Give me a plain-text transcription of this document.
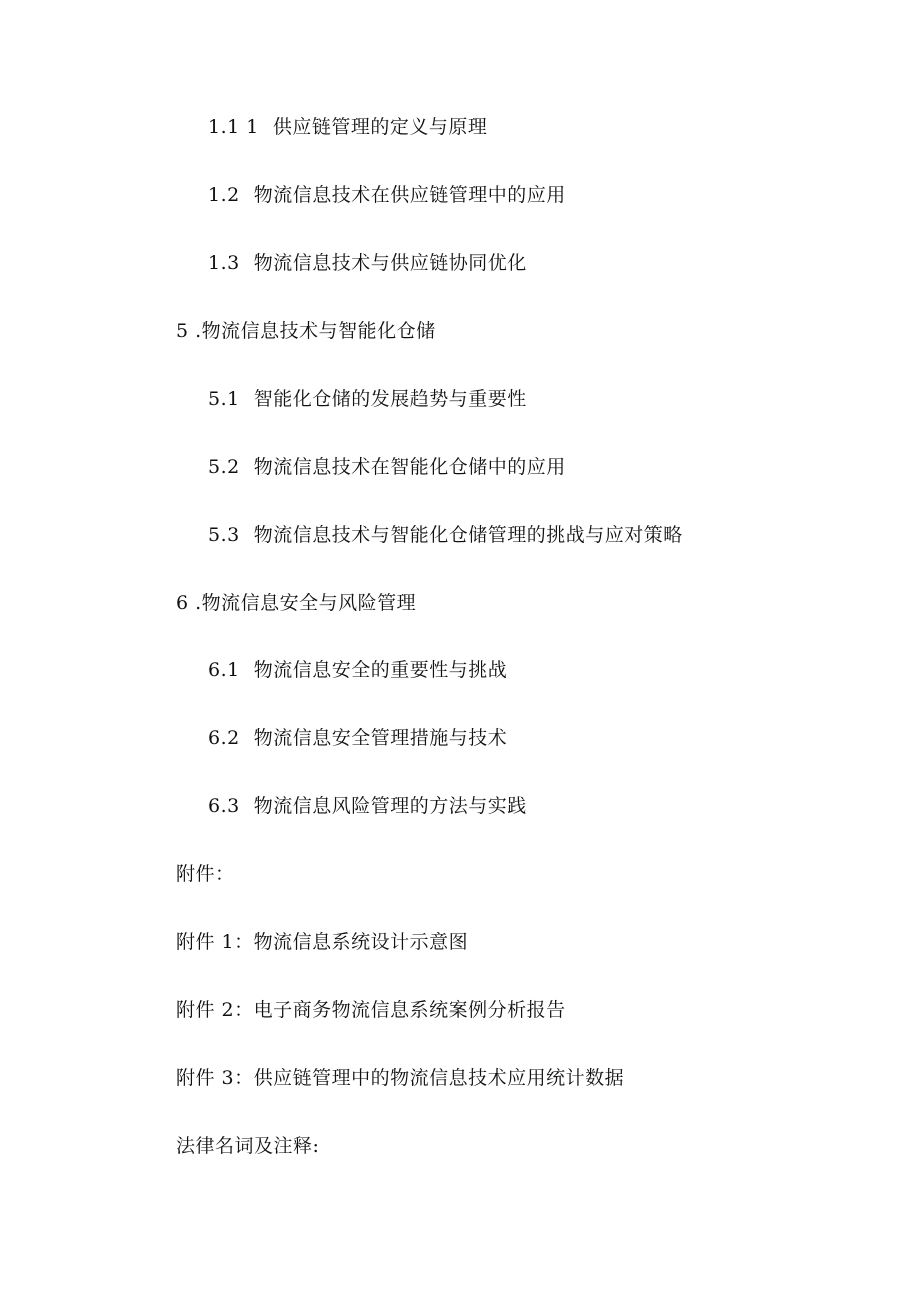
1.1 1 供应链管理的定义与原理
1.2 物流信息技术在供应链管理中的应用
1.3 物流信息技术与供应链协同优化
5 .物流信息技术与智能化仓储
5.1 智能化仓储的发展趋势与重要性
5.2 物流信息技术在智能化仓储中的应用
5.3 物流信息技术与智能化仓储管理的挑战与应对策略
6 .物流信息安全与风险管理
6.1 物流信息安全的重要性与挑战
6.2 物流信息安全管理措施与技术
6.3 物流信息风险管理的方法与实践
附件：
附件 1：物流信息系统设计示意图
附件 2：电子商务物流信息系统案例分析报告
附件 3：供应链管理中的物流信息技术应用统计数据
法律名词及注释:
